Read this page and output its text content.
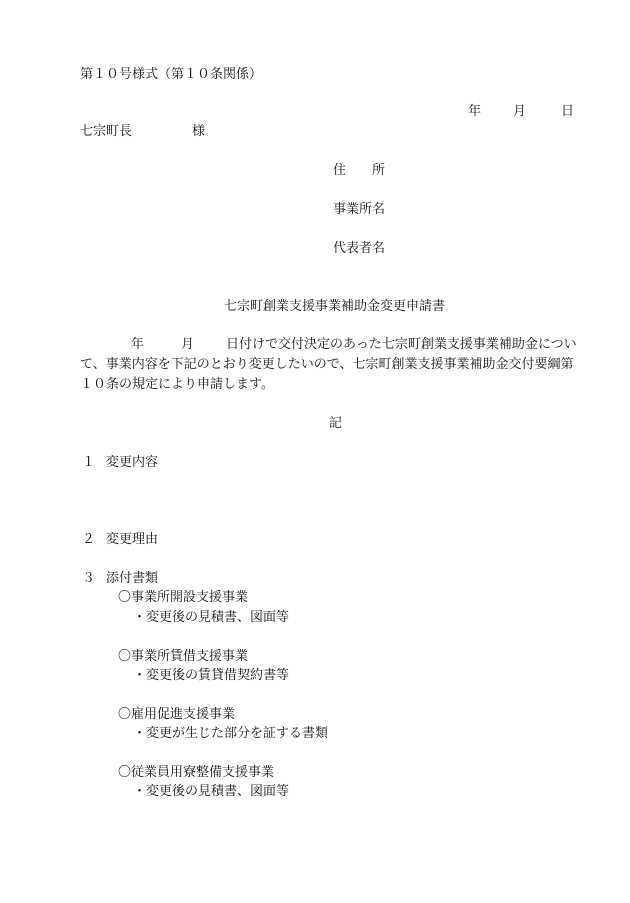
第１０号様式（第１０条関係）
年 月	日
七宗町長	様
住　　所
事業所名
代表者名
七宗町創業支援事業補助金変更申請書
年	月 日付けで交付決定のあった七宗町創業支援事業補助金につい
て、事業内容を下記のとおり変更したいので、七宗町創業支援事業補助金交付要綱第
１０条の規定により申請します。
記
１ 変更内容
２ 変更理由
３ 添付書類
〇事業所開設支援事業
・変更後の見積書、図面等
〇事業所賃借支援事業
・変更後の賃貸借契約書等
〇雇用促進支援事業
・変更が生じた部分を証する書類
〇従業員用寮整備支援事業
・変更後の見積書、図面等
